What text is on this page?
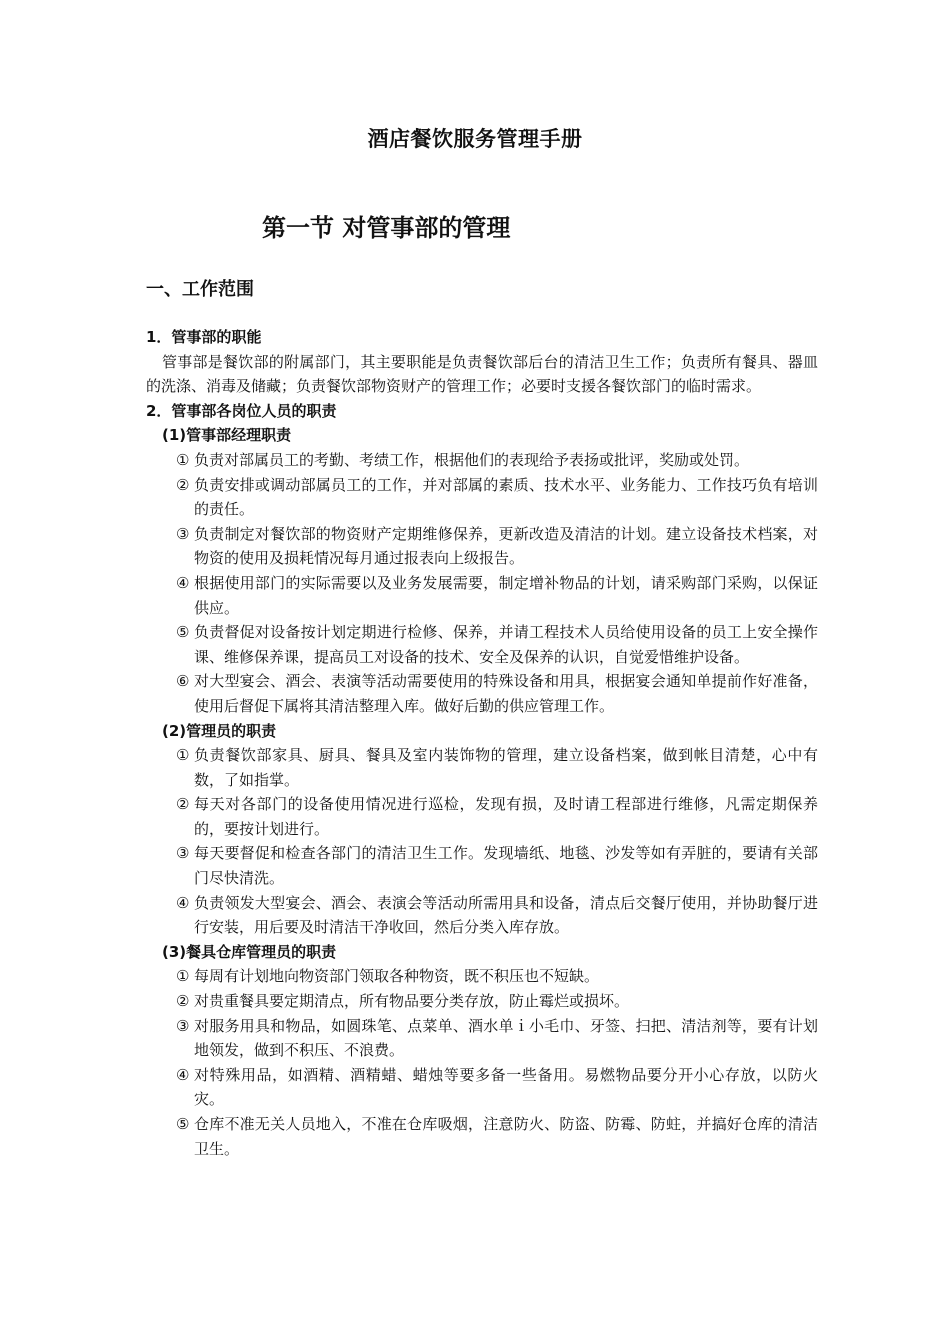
酒店餐饮服务管理手册
第一节 对管事部的管理
一、工作范围
1．管事部的职能
管事部是餐饮部的附属部门，其主要职能是负责餐饮部后台的清洁卫生工作；负责所有餐具、器皿的洗涤、消毒及储藏；负责餐饮部物资财产的管理工作；必要时支援各餐饮部门的临时需求。
2．管事部各岗位人员的职责
(1)管事部经理职责
① 负责对部属员工的考勤、考绩工作，根据他们的表现给予表扬或批评，奖励或处罚。
② 负责安排或调动部属员工的工作，并对部属的素质、技术水平、业务能力、工作技巧负有培训的责任。
③ 负责制定对餐饮部的物资财产定期维修保养，更新改造及清洁的计划。建立设备技术档案，对物资的使用及损耗情况每月通过报表向上级报告。
④ 根据使用部门的实际需要以及业务发展需要，制定增补物品的计划，请采购部门采购，以保证供应。
⑤ 负责督促对设备按计划定期进行检修、保养，并请工程技术人员给使用设备的员工上安全操作课、维修保养课，提高员工对设备的技术、安全及保养的认识，自觉爱惜维护设备。
⑥ 对大型宴会、酒会、表演等活动需要使用的特殊设备和用具，根据宴会通知单提前作好准备，使用后督促下属将其清洁整理入库。做好后勤的供应管理工作。
(2)管理员的职责
① 负责餐饮部家具、厨具、餐具及室内装饰物的管理，建立设备档案，做到帐目清楚，心中有数，了如指掌。
② 每天对各部门的设备使用情况进行巡检，发现有损，及时请工程部进行维修，凡需定期保养的，要按计划进行。
③ 每天要督促和检查各部门的清洁卫生工作。发现墙纸、地毯、沙发等如有弄脏的，要请有关部门尽快清洗。
④ 负责领发大型宴会、酒会、表演会等活动所需用具和设备，清点后交餐厅使用，并协助餐厅进行安装，用后要及时清洁干净收回，然后分类入库存放。
(3)餐具仓库管理员的职责
① 每周有计划地向物资部门领取各种物资，既不积压也不短缺。
② 对贵重餐具要定期清点，所有物品要分类存放，防止霉烂或损坏。
③ 对服务用具和物品，如圆珠笔、点菜单、酒水单ｉ小毛巾、牙签、扫把、清洁剂等，要有计划地领发，做到不积压、不浪费。
④ 对特殊用品，如酒精、酒精蜡、蜡烛等要多备一些备用。易燃物品要分开小心存放，以防火灾。
⑤ 仓库不准无关人员地入，不准在仓库吸烟，注意防火、防盗、防霉、防蛀，并搞好仓库的清洁卫生。
